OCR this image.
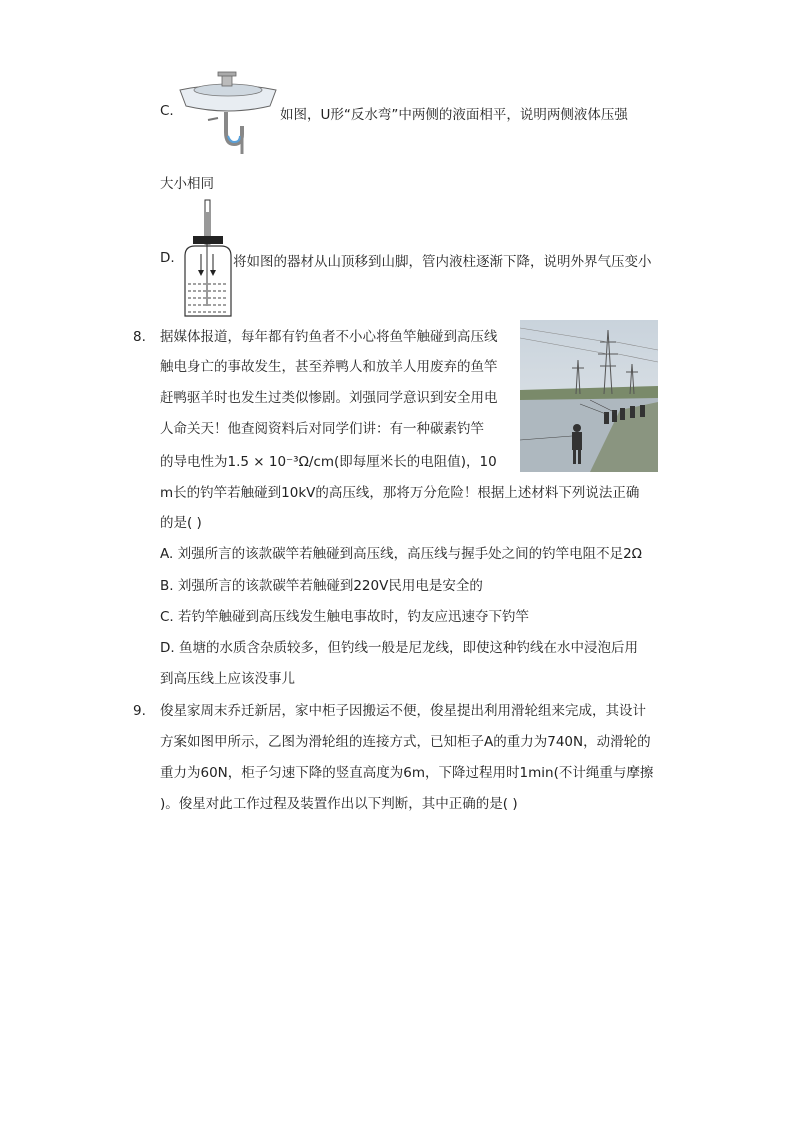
C.	如图，U形“反水弯”中两侧的液面相平，说明两侧液体压强
大小相同
D.	将如图的器材从山顶移到山脚，管内液柱逐渐下降，说明外界气压变小
8. 据媒体报道，每年都有钓鱼者不小心将鱼竿触碰到高压线
触电身亡的事故发生，甚至养鸭人和放羊人用废弃的鱼竿
赶鸭驱羊时也发生过类似惨剧。刘强同学意识到安全用电
人命关天！他查阅资料后对同学们讲：有一种碳素钓竿
的导电性为1.5 × 10⁻³Ω/cm(即每厘米长的电阻值)，10
m长的钓竿若触碰到10kV的高压线，那将万分危险！根据上述材料下列说法正确
的是( )
A. 刘强所言的该款碳竿若触碰到高压线，高压线与握手处之间的钓竿电阻不足2Ω
B. 刘强所言的该款碳竿若触碰到220V民用电是安全的
C. 若钓竿触碰到高压线发生触电事故时，钓友应迅速夺下钓竿
D. 鱼塘的水质含杂质较多，但钓线一般是尼龙线，即使这种钓线在水中浸泡后用
到高压线上应该没事儿
9. 俊星家周末乔迁新居，家中柜子因搬运不便，俊星提出利用滑轮组来完成，其设计
方案如图甲所示，乙图为滑轮组的连接方式，已知柜子A的重力为740N，动滑轮的
重力为60N，柜子匀速下降的竖直高度为6m，下降过程用时1min(不计绳重与摩擦
)。俊星对此工作过程及装置作出以下判断，其中正确的是( )
